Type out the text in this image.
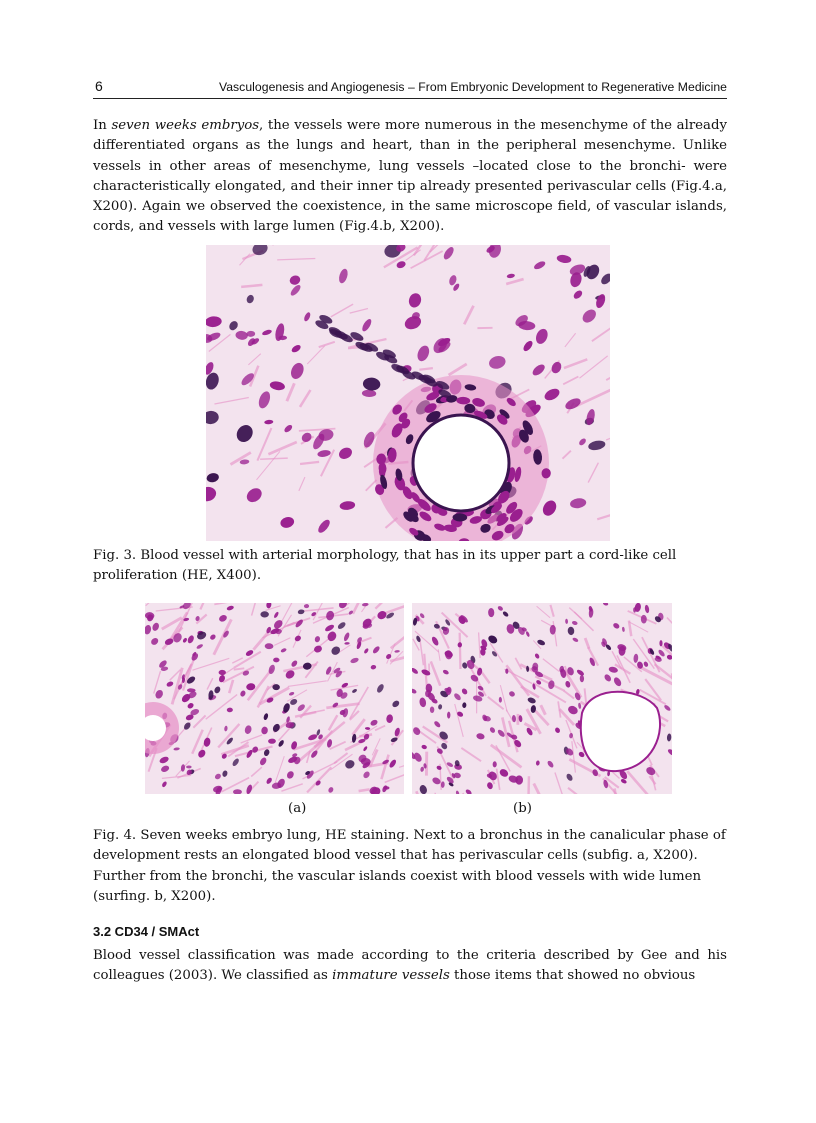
6	Vasculogenesis and Angiogenesis – From Embryonic Development to Regenerative Medicine

In seven weeks embryos, the vessels were more numerous in the mesenchyme of the already differentiated organs as the lungs and heart, than in the peripheral mesenchyme. Unlike vessels in other areas of mesenchyme, lung vessels –located close to the bronchi- were characteristically elongated, and their inner tip already presented perivascular cells (Fig.4.a, X200). Again we observed the coexistence, in the same microscope field, of vascular islands, cords, and vessels with large lumen (Fig.4.b, X200).

Fig. 3. Blood vessel with arterial morphology, that has in its upper part a cord-like cell proliferation (HE, X400).

(a)	(b)

Fig. 4. Seven weeks embryo lung, HE staining. Next to a bronchus in the canalicular phase of development rests an elongated blood vessel that has perivascular cells (subfig. a, X200). Further from the bronchi, the vascular islands coexist with blood vessels with wide lumen (surfing. b, X200).

3.2 CD34 / SMAct

Blood vessel classification was made according to the criteria described by Gee and his colleagues (2003). We classified as immature vessels those items that showed no obvious
